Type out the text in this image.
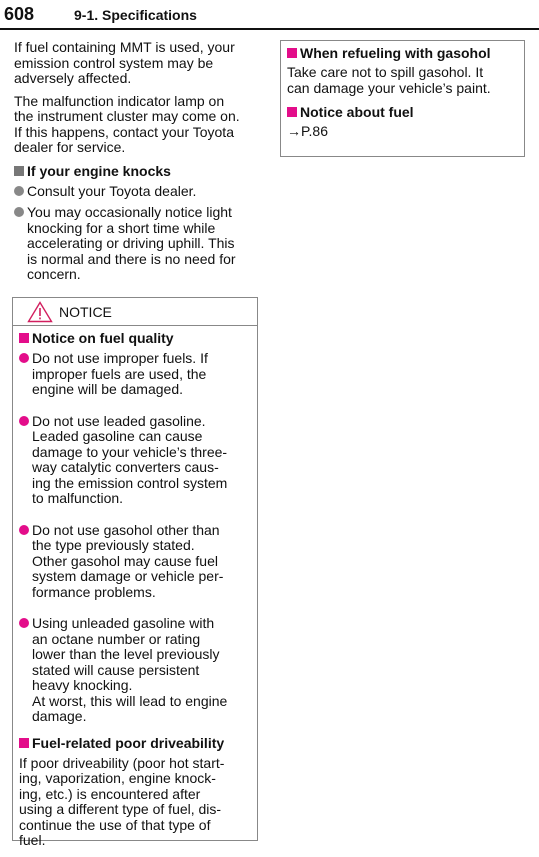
608	9-1. Specifications

If fuel containing MMT is used, your
emission control system may be
adversely affected.

The malfunction indicator lamp on
the instrument cluster may come on.
If this happens, contact your Toyota
dealer for service.

If your engine knocks
Consult your Toyota dealer.
You may occasionally notice light
knocking for a short time while
accelerating or driving uphill. This
is normal and there is no need for
concern.
NOTICE
Notice on fuel quality
Do not use improper fuels. If
improper fuels are used, the
engine will be damaged.
Do not use leaded gasoline.
Leaded gasoline can cause
damage to your vehicle’s three-
way catalytic converters caus-
ing the emission control system
to malfunction.
Do not use gasohol other than
the type previously stated.
Other gasohol may cause fuel
system damage or vehicle per-
formance problems.
Using unleaded gasoline with
an octane number or rating
lower than the level previously
stated will cause persistent
heavy knocking.
At worst, this will lead to engine
damage.
Fuel-related poor driveability

If poor driveability (poor hot start-
ing, vaporization, engine knock-
ing, etc.) is encountered after
using a different type of fuel, dis-
continue the use of that type of
fuel.

When refueling with gasohol

Take care not to spill gasohol. It
can damage your vehicle’s paint.

Notice about fuel

→P.86
